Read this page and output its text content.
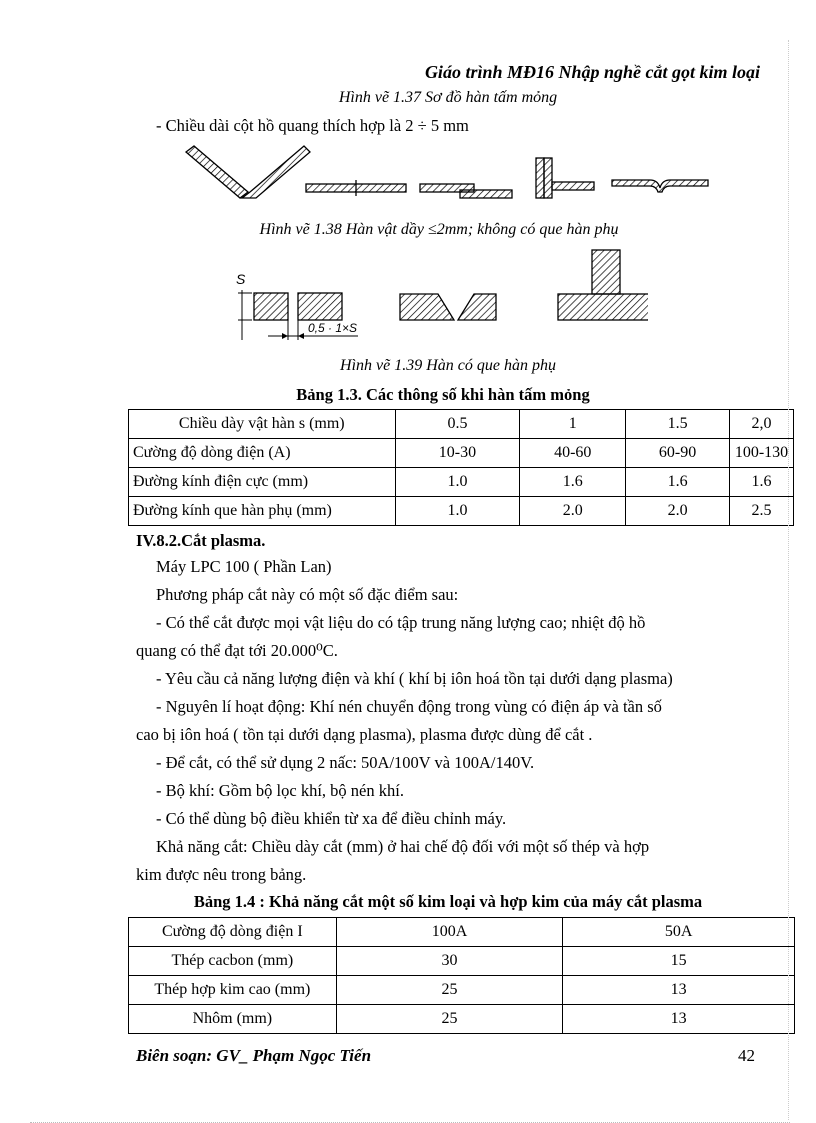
Giáo trình MĐ16 Nhập nghề cắt gọt kim loại
Hình vẽ 1.37 Sơ đồ hàn tấm mỏng
- Chiều dài cột hồ quang thích hợp là 2 ÷ 5 mm
Hình vẽ 1.38 Hàn vật dầy ≤2mm; không có que hàn phụ
S
0,5 · 1×S
Hình vẽ 1.39 Hàn có que hàn phụ
Bảng 1.3. Các thông số khi hàn tấm mỏng
Chiều dày vật hàn s (mm)	0.5	1	1.5	2,0
Cường độ dòng điện (A)	10-30	40-60	60-90	100-130
Đường kính điện cực (mm)	1.0	1.6	1.6	1.6
Đường kính que hàn phụ (mm)	1.0	2.0	2.0	2.5
IV.8.2.Cắt plasma.
Máy LPC 100 ( Phần Lan)
Phương pháp cắt này có một số đặc điểm sau:
- Có thể cắt được mọi vật liệu do có tập trung năng lượng cao; nhiệt độ hồ
quang có thể đạt tới 20.000⁰C.
- Yêu cầu cả năng lượng điện và khí ( khí bị iôn hoá tồn tại dưới dạng plasma)
- Nguyên lí hoạt động: Khí nén chuyển động trong vùng có điện áp và tần số
cao bị iôn hoá ( tồn tại dưới dạng plasma), plasma được dùng để cắt .
- Để cắt, có thể sử dụng 2 nấc: 50A/100V và 100A/140V.
- Bộ khí: Gồm bộ lọc khí, bộ nén khí.
- Có thể dùng bộ điều khiển từ xa để điều chỉnh máy.
Khả năng cắt: Chiều dày cắt (mm) ở hai chế độ đối với một số thép và hợp
kim được nêu trong bảng.
Bảng 1.4 : Khả năng cắt một số kim loại và hợp kim của máy cắt plasma
Cường độ dòng điện I	100A	50A
Thép cacbon (mm)	30	15
Thép hợp kim cao (mm)	25	13
Nhôm (mm)	25	13
Biên soạn: GV_ Phạm Ngọc Tiến	42
